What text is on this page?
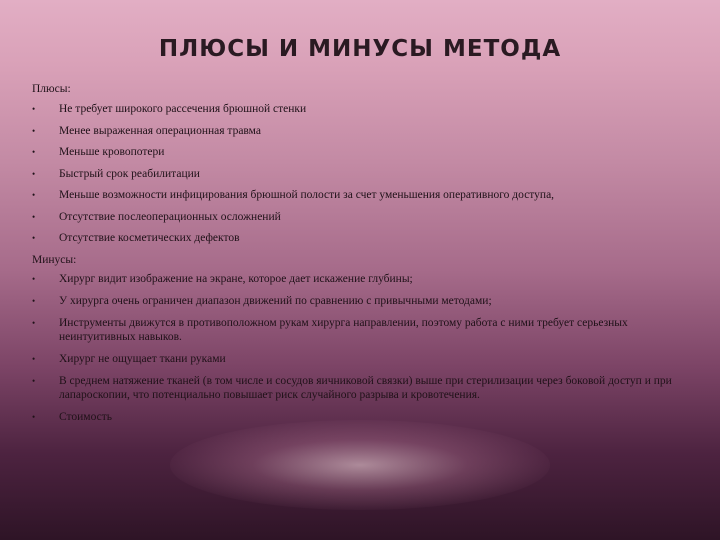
ПЛЮСЫ И МИНУСЫ МЕТОДА
Плюсы:
• Не требует широкого рассечения брюшной стенки
• Менее выраженная операционная травма
• Меньше кровопотери
• Быстрый срок реабилитации
• Меньше возможности инфицирования брюшной полости за счет уменьшения оперативного доступа,
• Отсутствие послеоперационных осложнений
• Отсутствие косметических дефектов
Минусы:
• Хирург видит изображение на экране, которое дает искажение глубины;
• У хирурга очень ограничен диапазон движений по сравнению с привычными методами;
• Инструменты движутся в противоположном рукам хирурга направлении, поэтому работа с ними требует серьезных неинтуитивных навыков.
• Хирург не ощущает ткани руками
• В среднем натяжение тканей (в том числе и сосудов яичниковой связки) выше при стерилизации через боковой доступ и при лапароскопии, что потенциально повышает риск случайного разрыва и кровотечения.
• Стоимость
